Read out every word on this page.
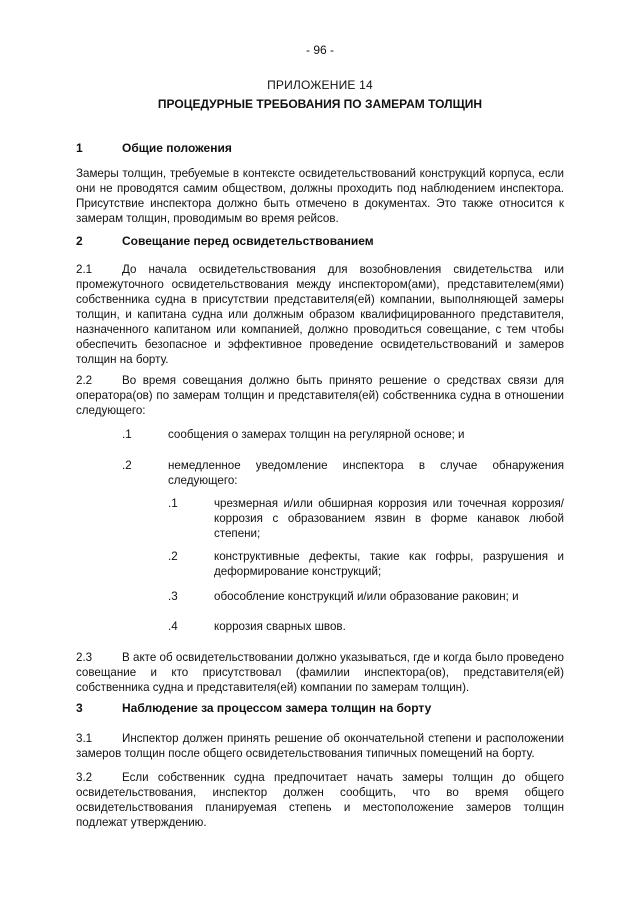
- 96 -
ПРИЛОЖЕНИЕ 14
ПРОЦЕДУРНЫЕ ТРЕБОВАНИЯ ПО ЗАМЕРАМ ТОЛЩИН
1	Общие положения
Замеры толщин, требуемые в контексте освидетельствований конструкций корпуса, если они не проводятся самим обществом, должны проходить под наблюдением инспектора. Присутствие инспектора должно быть отмечено в документах. Это также относится к замерам толщин, проводимым во время рейсов.
2	Совещание перед освидетельствованием
2.1	До начала освидетельствования для возобновления свидетельства или промежуточного освидетельствования между инспектором(ами), представителем(ями) собственника судна в присутствии представителя(ей) компании, выполняющей замеры толщин, и капитана судна или должным образом квалифицированного представителя, назначенного капитаном или компанией, должно проводиться совещание, с тем чтобы обеспечить безопасное и эффективное проведение освидетельствований и замеров толщин на борту.
2.2	Во время совещания должно быть принято решение о средствах связи для оператора(ов) по замерам толщин и представителя(ей) собственника судна в отношении следующего:
.1	сообщения о замерах толщин на регулярной основе; и
.2	немедленное уведомление инспектора в случае обнаружения следующего:
.1	чрезмерная и/или обширная коррозия или точечная коррозия/коррозия с образованием язвин в форме канавок любой степени;
.2	конструктивные дефекты, такие как гофры, разрушения и деформирование конструкций;
.3	обособление конструкций и/или образование раковин; и
.4	коррозия сварных швов.
2.3	В акте об освидетельствовании должно указываться, где и когда было проведено совещание и кто присутствовал (фамилии инспектора(ов), представителя(ей) собственника судна и представителя(ей) компании по замерам толщин).
3	Наблюдение за процессом замера толщин на борту
3.1	Инспектор должен принять решение об окончательной степени и расположении замеров толщин после общего освидетельствования типичных помещений на борту.
3.2	Если собственник судна предпочитает начать замеры толщин до общего освидетельствования, инспектор должен сообщить, что во время общего освидетельствования планируемая степень и местоположение замеров толщин подлежат утверждению.
